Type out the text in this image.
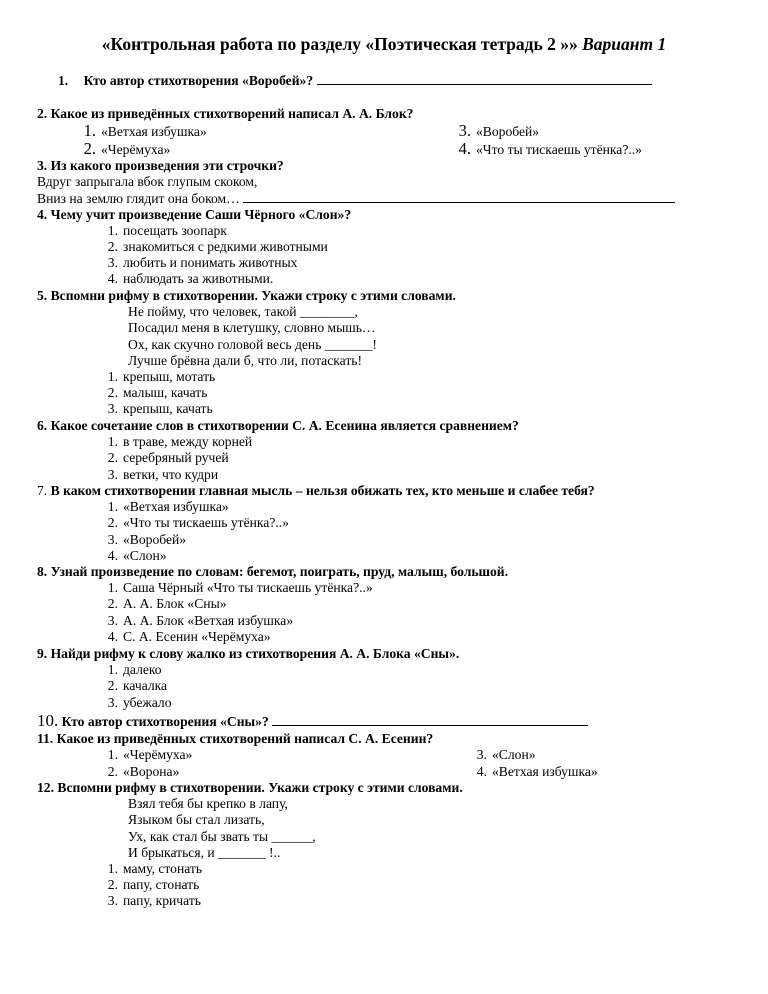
«Контрольная работа по разделу «Поэтическая тетрадь 2 »» Вариант 1
1. Кто автор стихотворения «Воробей»?
2. Какое из приведённых стихотворений написал А. А. Блок?
1. «Ветхая избушка»
2. «Черёмуха»
3. «Воробей»
4. «Что ты тискаешь утёнка?..»
3. Из какого произведения эти строчки?
Вдруг запрыгала вбок глупым скоком,
Вниз на землю глядит она боком…
4. Чему учит произведение Саши Чёрного «Слон»?
1. посещать зоопарк
2. знакомиться с редкими животными
3. любить и понимать животных
4. наблюдать за животными.
5. Вспомни рифму в стихотворении. Укажи строку с этими словами.
Не пойму, что человек, такой ________,
Посадил меня в клетушку, словно мышь…
Ох, как скучно головой весь день _______!
Лучше брёвна дали б, что ли, потаскать!
1. крепыш, мотать
2. малыш, качать
3. крепыш, качать
6. Какое сочетание слов в стихотворении С. А. Есенина является сравнением?
1. в траве, между корней
2. серебряный ручей
3. ветки, что кудри
7. В каком стихотворении главная мысль – нельзя обижать тех, кто меньше и слабее тебя?
1. «Ветхая избушка»
2. «Что ты тискаешь утёнка?..»
3. «Воробей»
4. «Слон»
8. Узнай произведение по словам: бегемот, поиграть, пруд, малыш, большой.
1. Саша Чёрный «Что ты тискаешь утёнка?..»
2. А. А. Блок «Сны»
3. А. А. Блок «Ветхая избушка»
4. С. А. Есенин «Черёмуха»
9. Найди рифму к слову жалко из стихотворения А. А. Блока «Сны».
1. далеко
2. качалка
3. убежало
10. Кто автор стихотворения «Сны»?
11. Какое из приведённых стихотворений написал С. А. Есенин?
1. «Черёмуха»
2. «Ворона»
3. «Слон»
4. «Ветхая избушка»
12. Вспомни рифму в стихотворении. Укажи строку с этими словами.
Взял тебя бы крепко в лапу,
Языком бы стал лизать,
Ух, как стал бы звать ты ______,
И брыкаться, и _______ !..
1. маму, стонать
2. папу, стонать
3. папу, кричать
